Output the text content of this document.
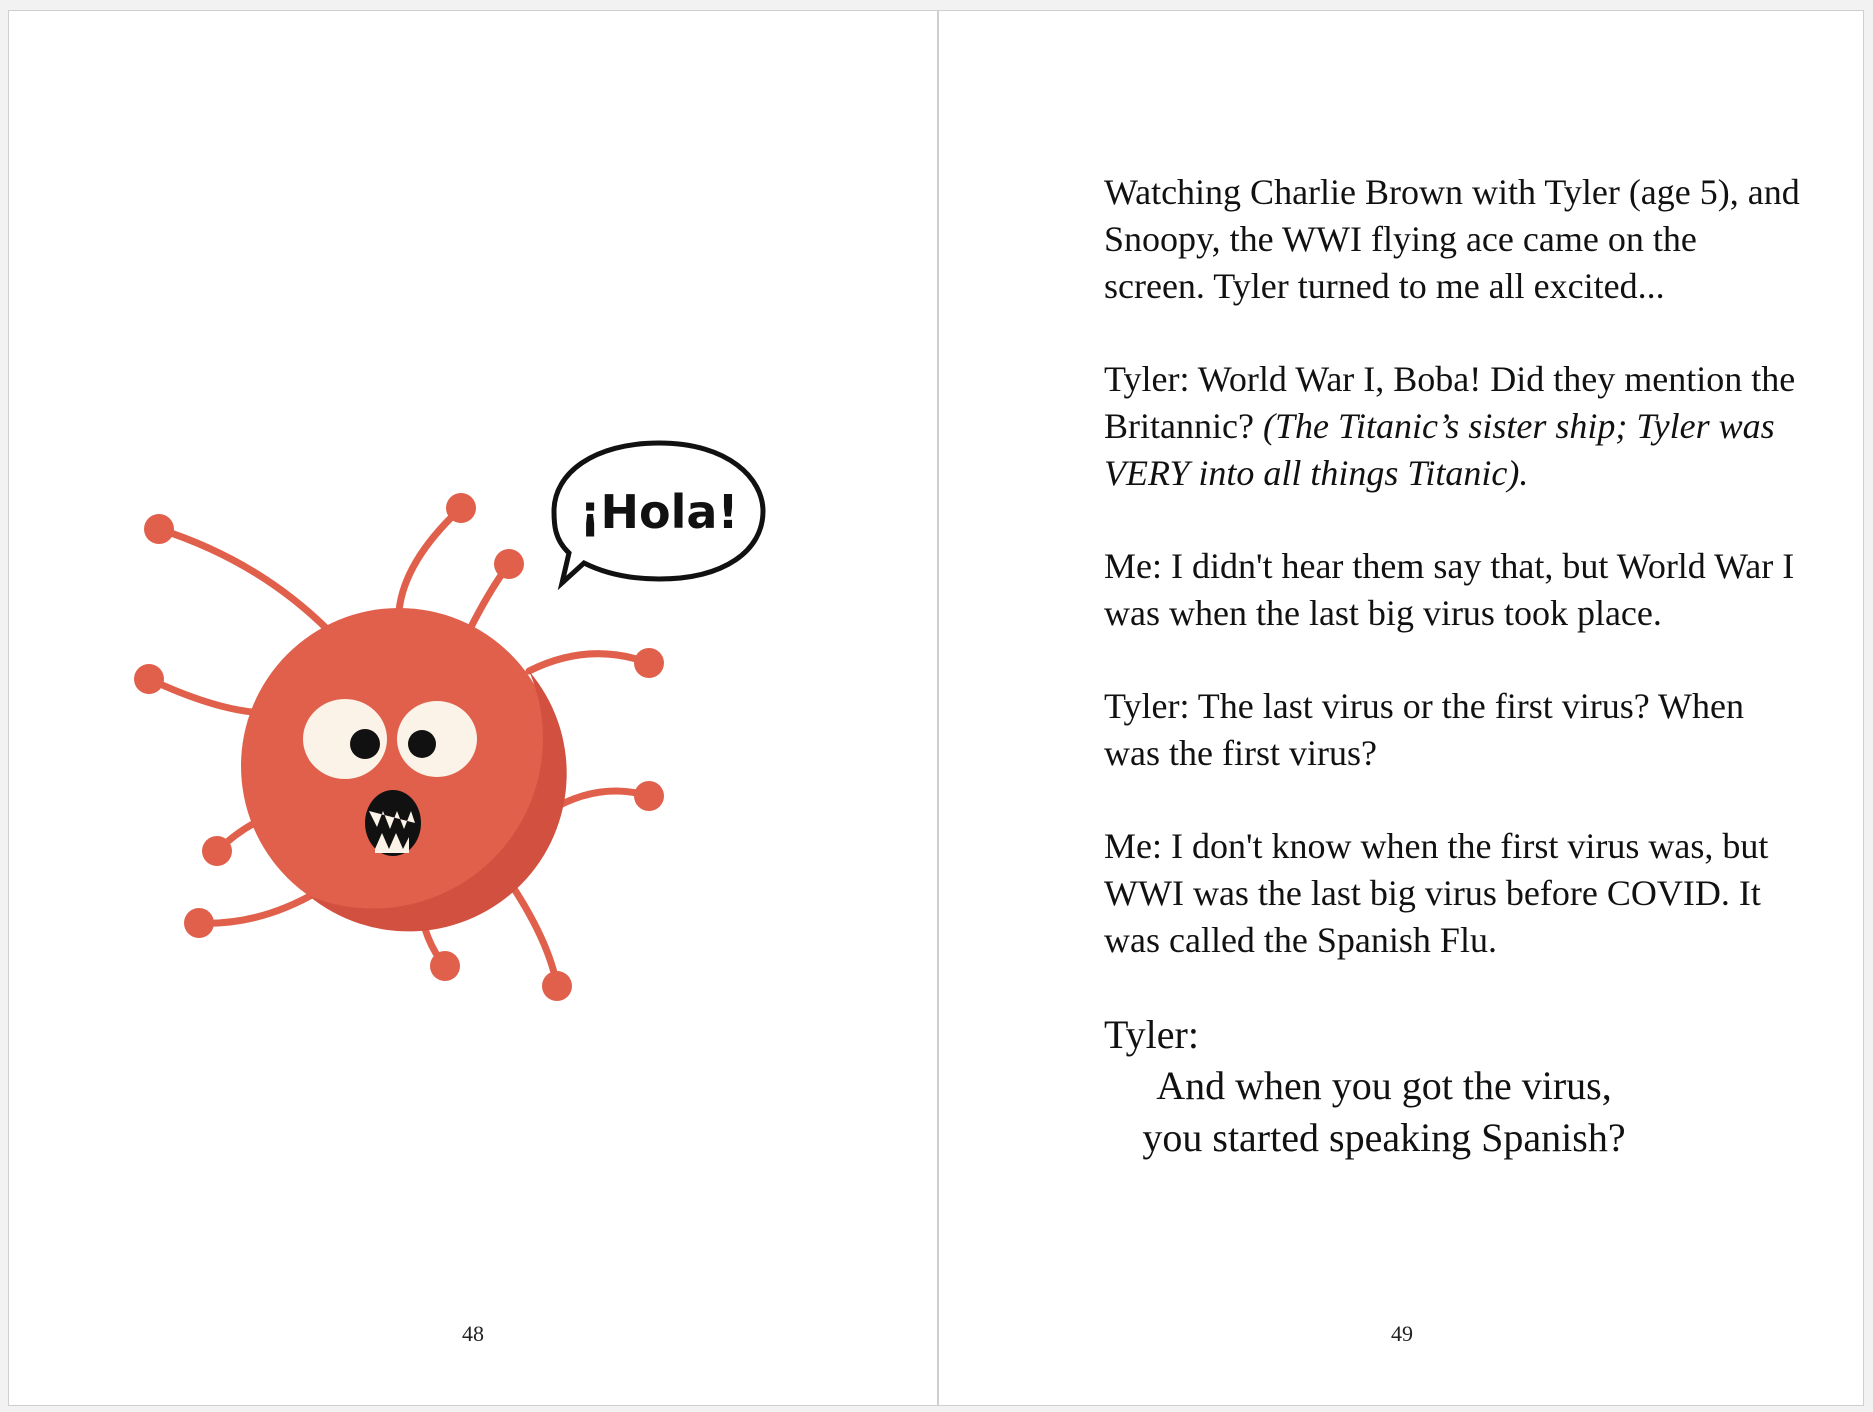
¡Hola!
48

Watching Charlie Brown with Tyler (age 5), and Snoopy, the WWI flying ace came on the screen. Tyler turned to me all excited...

Tyler: World War I, Boba! Did they mention the Britannic? (The Titanic’s sister ship; Tyler was VERY into all things Titanic).

Me: I didn't hear them say that, but World War I was when the last big virus took place.

Tyler: The last virus or the first virus? When was the first virus?

Me: I don't know when the first virus was, but WWI was the last big virus before COVID. It was called the Spanish Flu.

Tyler:

And when you got the virus,

you started speaking Spanish?

49
